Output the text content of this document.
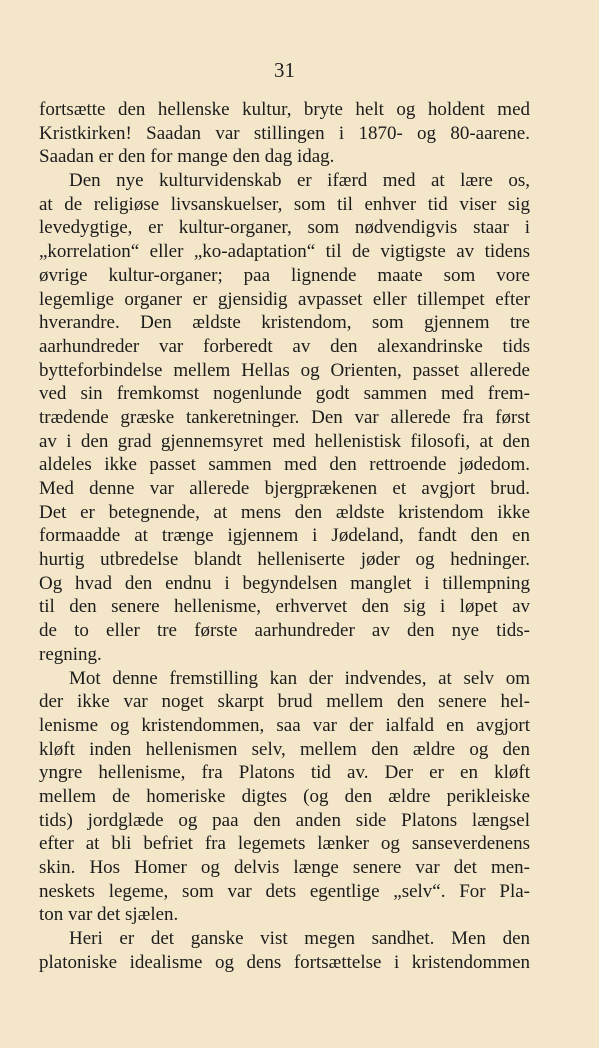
31
fortsætte den hellenske kultur, bryte helt og holdent med
Kristkirken! Saadan var stillingen i 1870- og 80-aarene.
Saadan er den for mange den dag idag.
Den nye kulturvidenskab er ifærd med at lære os,
at de religiøse livsanskuelser, som til enhver tid viser sig
levedygtige, er kultur-organer, som nødvendigvis staar i
„korrelation“ eller „ko-adaptation“ til de vigtigste av tidens
øvrige kultur-organer; paa lignende maate som vore
legemlige organer er gjensidig avpasset eller tillempet efter
hverandre. Den ældste kristendom, som gjennem tre
aarhundreder var forberedt av den alexandrinske tids
bytteforbindelse mellem Hellas og Orienten, passet allerede
ved sin fremkomst nogenlunde godt sammen med frem-
trædende græske tankeretninger. Den var allerede fra først
av i den grad gjennemsyret med hellenistisk filosofi, at den
aldeles ikke passet sammen med den rettroende jødedom.
Med denne var allerede bjergprækenen et avgjort brud.
Det er betegnende, at mens den ældste kristendom ikke
formaadde at trænge igjennem i Jødeland, fandt den en
hurtig utbredelse blandt helleniserte jøder og hedninger.
Og hvad den endnu i begyndelsen manglet i tillempning
til den senere hellenisme, erhvervet den sig i løpet av
de to eller tre første aarhundreder av den nye tids-
regning.
Mot denne fremstilling kan der indvendes, at selv om
der ikke var noget skarpt brud mellem den senere hel-
lenisme og kristendommen, saa var der ialfald en avgjort
kløft inden hellenismen selv, mellem den ældre og den
yngre hellenisme, fra Platons tid av. Der er en kløft
mellem de homeriske digtes (og den ældre perikleiske
tids) jordglæde og paa den anden side Platons længsel
efter at bli befriet fra legemets lænker og sanseverdenens
skin. Hos Homer og delvis længe senere var det men-
neskets legeme, som var dets egentlige „selv“. For Pla-
ton var det sjælen.
Heri er det ganske vist megen sandhet. Men den
platoniske idealisme og dens fortsættelse i kristendommen
